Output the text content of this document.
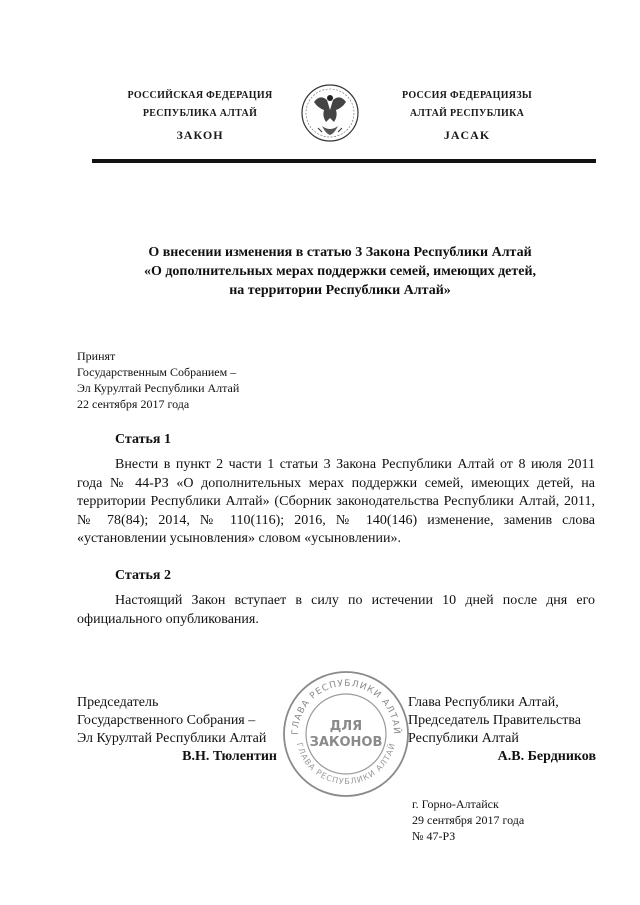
РОССИЙСКАЯ ФЕДЕРАЦИЯ
РЕСПУБЛИКА АЛТАЙ
ЗАКОН
РОССИЯ ФЕДЕРАЦИЯЗЫ
АЛТАЙ РЕСПУБЛИКА
JACAK
О внесении изменения в статью 3 Закона Республики Алтай
«О дополнительных мерах поддержки семей, имеющих детей,
на территории Республики Алтай»
Принят
Государственным Собранием –
Эл Курултай Республики Алтай
22 сентября 2017 года
Статья 1
Внести в пункт 2 части 1 статьи 3 Закона Республики Алтай от 8 июля 2011 года № 44-РЗ «О дополнительных мерах поддержки семей, имеющих детей, на территории Республики Алтай» (Сборник законодательства Республики Алтай, 2011, № 78(84); 2014, № 110(116); 2016, № 140(146) изменение, заменив слова «установлении усыновления» словом «усыновлении».
Статья 2
Настоящий Закон вступает в силу по истечении 10 дней после дня его официального опубликования.
Председатель
Государственного Собрания –
Эл Курултай Республики Алтай
В.Н. Тюлентин
ГЛАВА РЕСПУБЛИКИ АЛТАЙ
ГЛАВА РЕСПУБЛИКИ АЛТАЙ
ДЛЯ
ЗАКОНОВ
Глава Республики Алтай,
Председатель Правительства
Республики Алтай
А.В. Бердников
г. Горно-Алтайск
29 сентября 2017 года
№ 47-РЗ
